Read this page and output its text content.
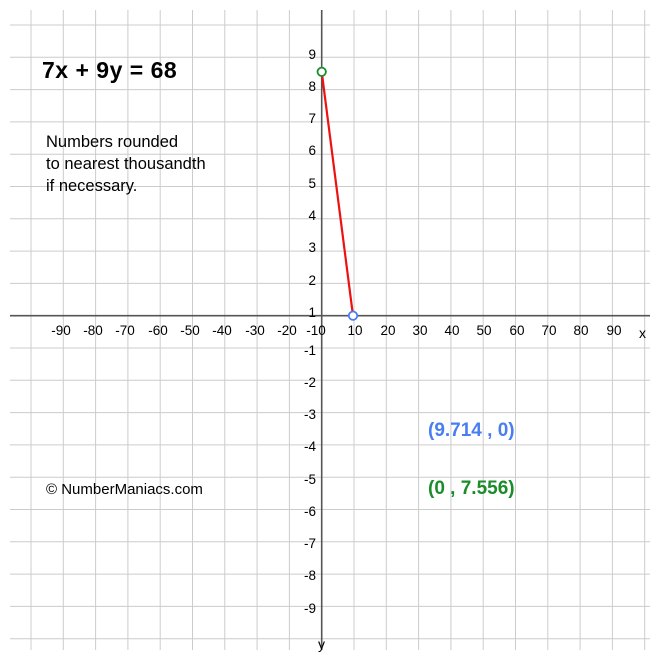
-90 -80 -70 -60 -50 -40 -30 -20 -10 10 20 30 40 50 60 70 80 90
9
8
7
6
5
4
3
2
1
-1
-2
-3
-4
-5
-6
-7
-8
-9
x
y
7x + 9y = 68
Numbers rounded
to nearest thousandth
if necessary.
© NumberManiacs.com
(9.714 , 0)
(0 , 7.556)
